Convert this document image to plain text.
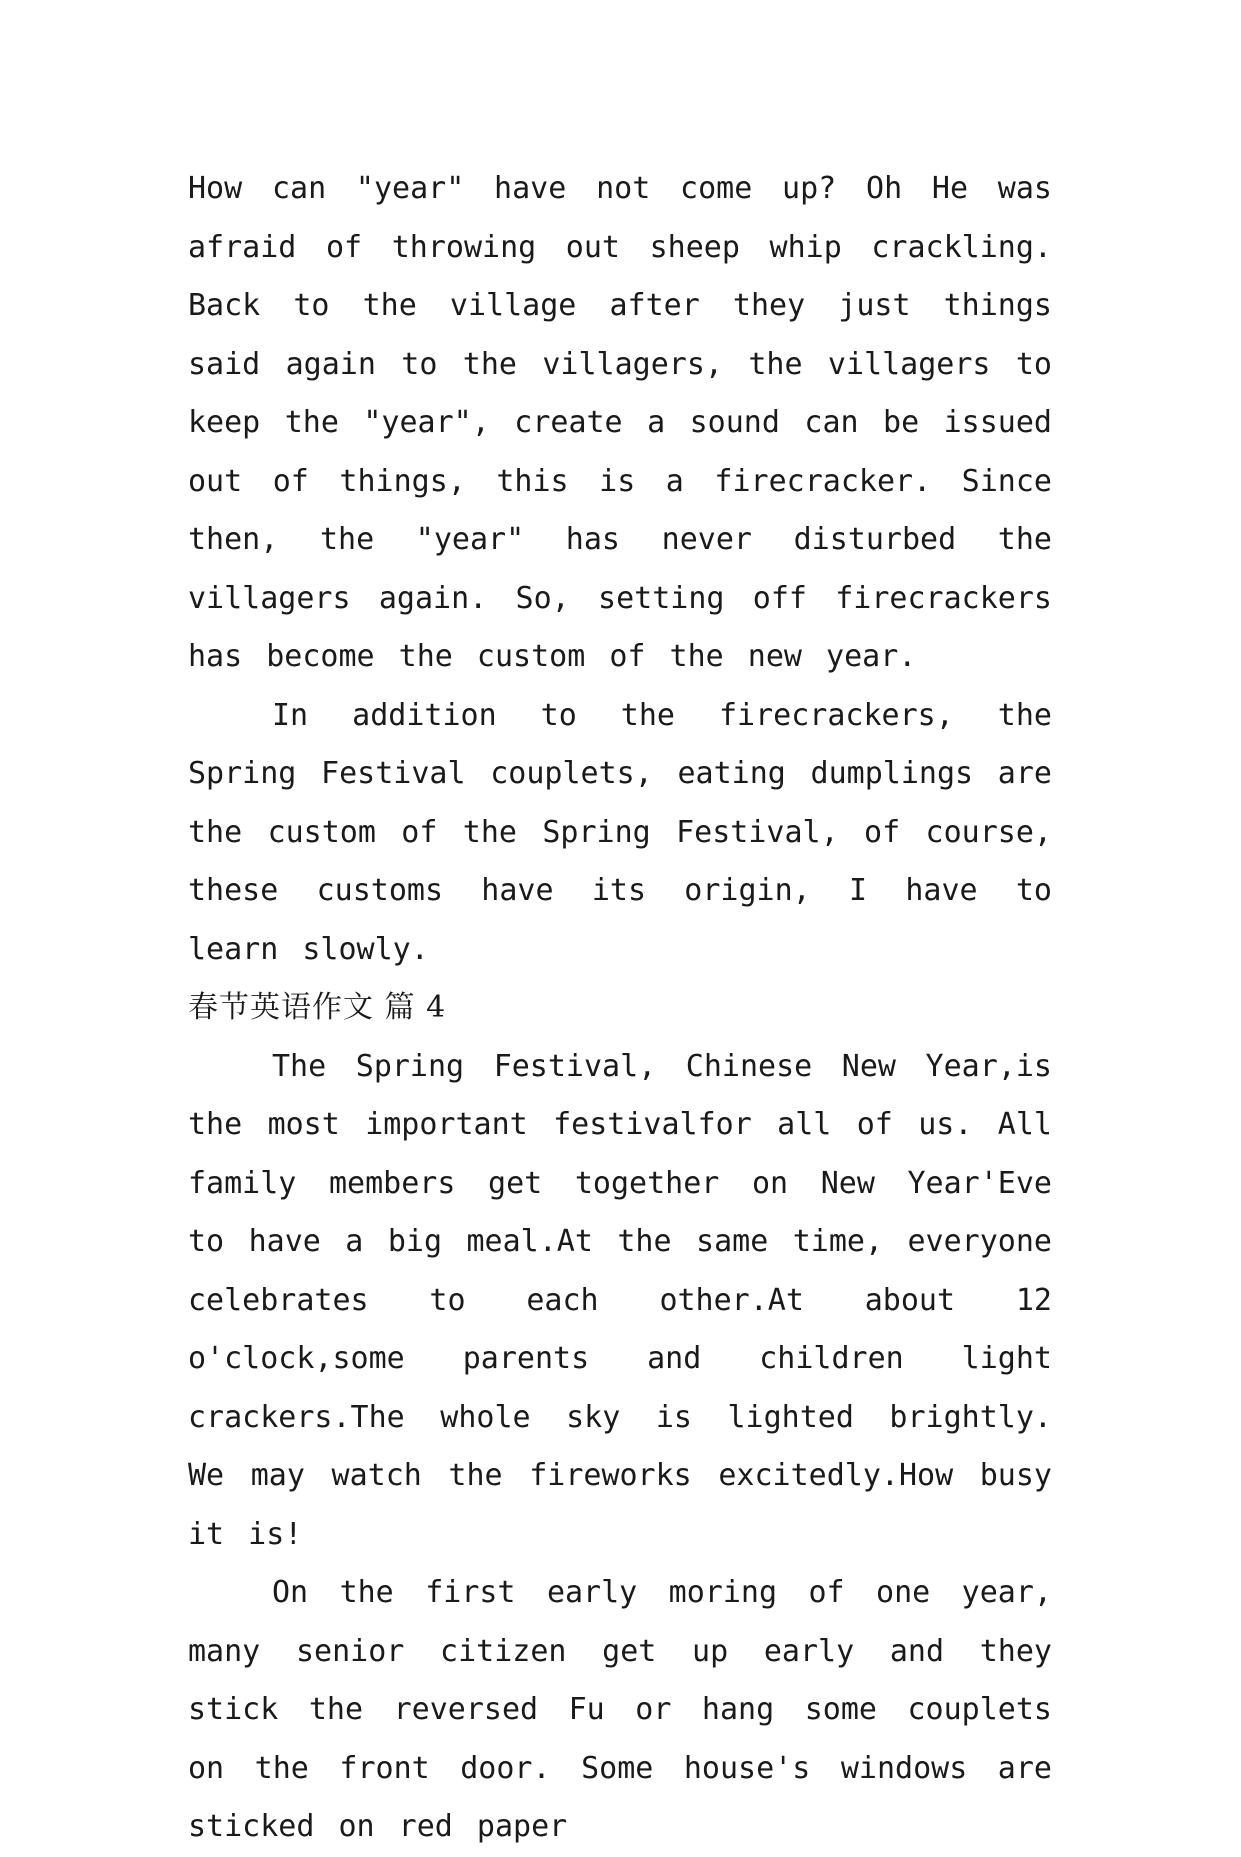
How can "year" have not come up? Oh He was afraid of throwing out sheep whip crackling. Back to the village after they just things said again to the villagers, the villagers to keep the "year", create a sound can be issued out of things, this is a firecracker. Since then, the "year" has never disturbed the villagers again. So, setting off firecrackers has become the custom of the new year.

In addition to the firecrackers, the Spring Festival couplets, eating dumplings are the custom of the Spring Festival, of course, these customs have its origin, I have to learn slowly.

春节英语作文 篇 4

The Spring Festival, Chinese New Year,is the most important festivalfor all of us. All family members get together on New Year'Eve to have a big meal.At the same time, everyone celebrates to each other.At about 12 o'clock,some parents and children light crackers.The whole sky is lighted brightly. We may watch the fireworks excitedly.How busy it is!

On the first early moring of one year, many senior citizen get up early and they stick the reversed Fu or hang some couplets on the front door. Some house's windows are sticked on red paper
